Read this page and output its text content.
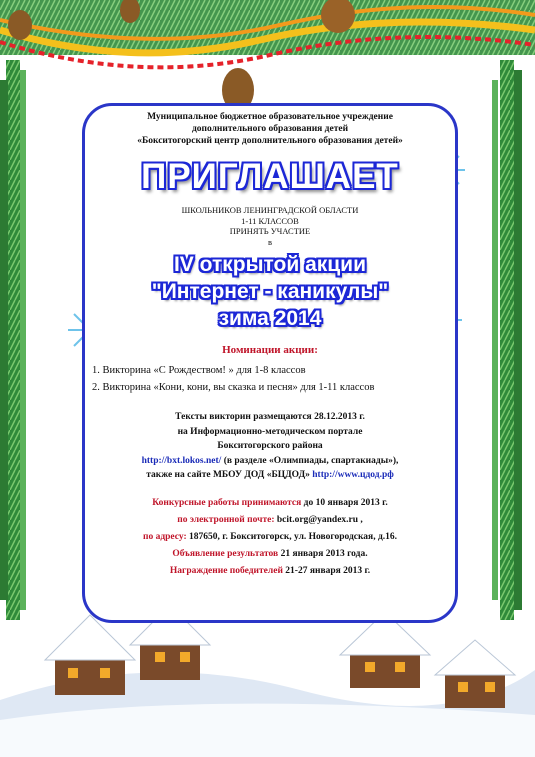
Муниципальное бюджетное образовательное учреждение
дополнительного образования детей
«Бокситогорский центр дополнительного образования детей»
ПРИГЛАШАЕТ
ШКОЛЬНИКОВ ЛЕНИНГРАДСКОЙ ОБЛАСТИ
1-11 КЛАССОВ
ПРИНЯТЬ УЧАСТИЕ
в
IV открытой акции
"Интернет - каникулы"
зима 2014
Номинации акции:
1. Викторина «С Рождеством! » для 1-8 классов
2. Викторина «Кони, кони, вы сказка и песня» для 1-11 классов
Тексты викторин размещаются 28.12.2013 г.
на Информационно-методическом портале
Бокситогорского района
http://bxt.lokos.net/ (в разделе «Олимпиады, спартакиады»),
также на сайте МБОУ ДОД «БЦДОД» http://www.цдод.рф
Конкурсные работы принимаются до 10 января 2013 г.
по электронной почте: bcit.org@yandex.ru ,
по адресу: 187650, г. Бокситогорск, ул. Новогородская, д.16.
Объявление результатов 21 января 2013 года.
Награждение победителей 21-27 января 2013 г.
